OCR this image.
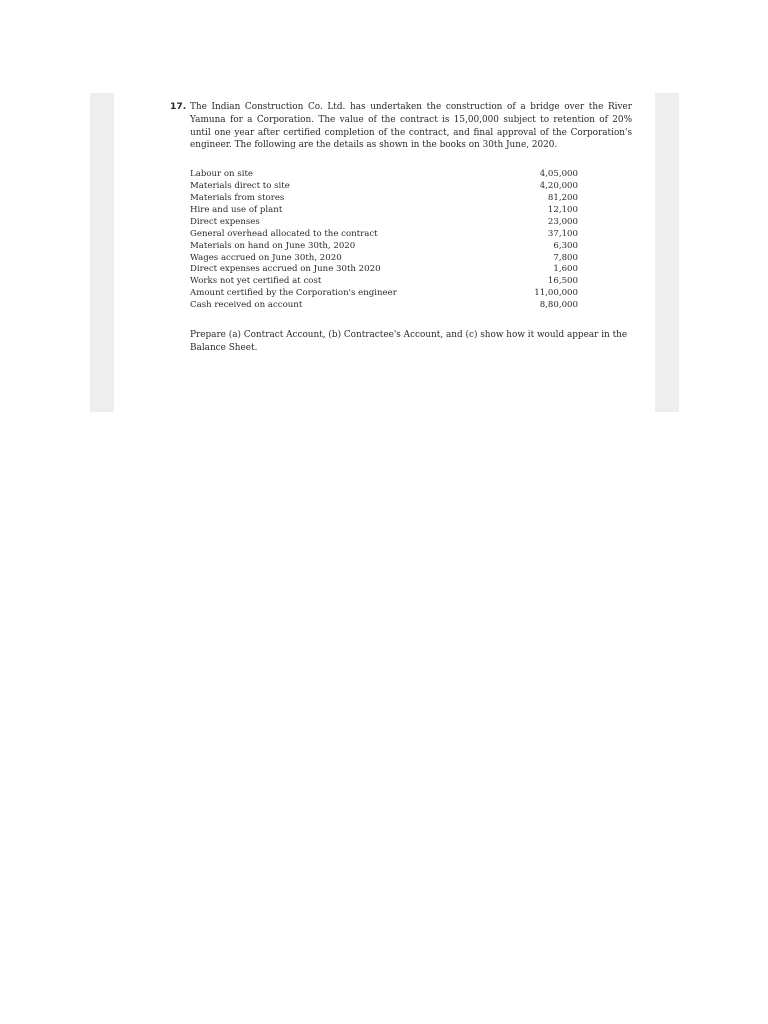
17. The Indian Construction Co. Ltd. has undertaken the construction of a bridge over the River Yamuna for a Corporation. The value of the contract is 15,00,000 subject to retention of 20% until one year after certified completion of the contract, and final approval of the Corporation's engineer. The following are the details as shown in the books on 30th June, 2020.

Labour on site	4,05,000
Materials direct to site	4,20,000
Materials from stores	81,200
Hire and use of plant	12,100
Direct expenses	23,000
General overhead allocated to the contract	37,100
Materials on hand on June 30th, 2020	6,300
Wages accrued on June 30th, 2020	7,800
Direct expenses accrued on June 30th 2020	1,600
Works not yet certified at cost	16,500
Amount certified by the Corporation's engineer	11,00,000
Cash received on account	8,80,000

Prepare (a) Contract Account, (b) Contractee's Account, and (c) show how it would appear in the Balance Sheet.
